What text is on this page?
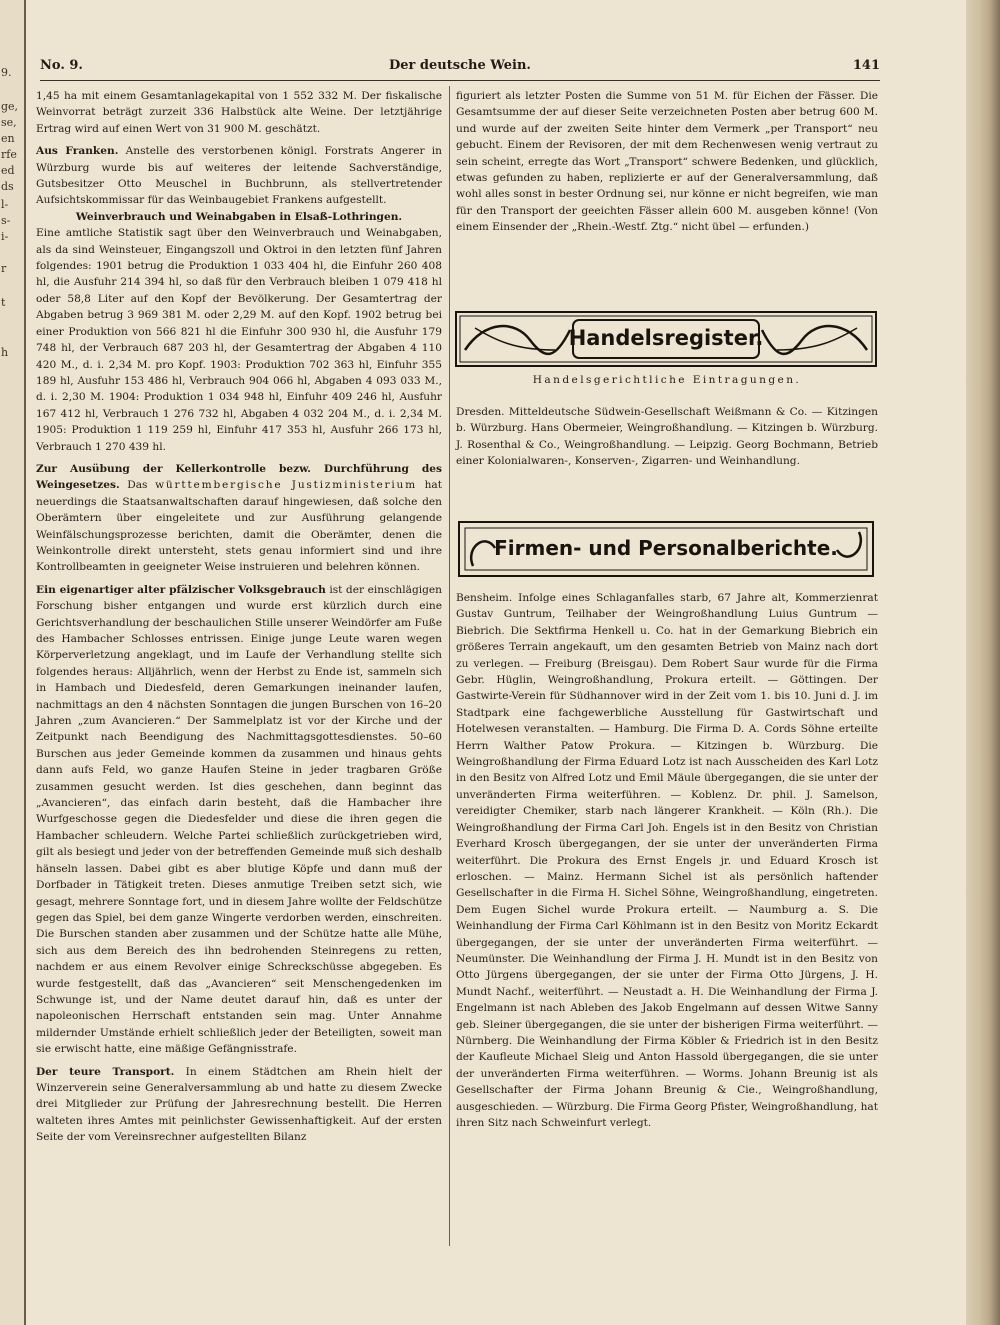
9.
ge,
se,
en
rfe
ed
ds
l-
s-
i-
r
t
h
Der deutsche Wein.
No. 9.	141

1,45 ha mit einem Gesamtanlagekapital von 1 552 332 M. Der fiskalische Weinvorrat beträgt zurzeit 336 Halbstück alte Weine. Der letztjährige Ertrag wird auf einen Wert von 31 900 M. geschätzt.

Aus Franken. Anstelle des verstorbenen königl. Forstrats Angerer in Würzburg wurde bis auf weiteres der leitende Sachverständige, Gutsbesitzer Otto Meuschel in Buchbrunn, als stellvertretender Aufsichtskommissar für das Weinbaugebiet Frankens aufgestellt.

Weinverbrauch und Weinabgaben in Elsaß-Lothringen.

Eine amtliche Statistik sagt über den Weinverbrauch und Weinabgaben, als da sind Weinsteuer, Eingangszoll und Oktroi in den letzten fünf Jahren folgendes: 1901 betrug die Produktion 1 033 404 hl, die Einfuhr 260 408 hl, die Ausfuhr 214 394 hl, so daß für den Verbrauch bleiben 1 079 418 hl oder 58,8 Liter auf den Kopf der Bevölkerung. Der Gesamtertrag der Abgaben betrug 3 969 381 M. oder 2,29 M. auf den Kopf. 1902 betrug bei einer Produktion von 566 821 hl die Einfuhr 300 930 hl, die Ausfuhr 179 748 hl, der Verbrauch 687 203 hl, der Gesamtertrag der Abgaben 4 110 420 M., d. i. 2,34 M. pro Kopf. 1903: Produktion 702 363 hl, Einfuhr 355 189 hl, Ausfuhr 153 486 hl, Verbrauch 904 066 hl, Abgaben 4 093 033 M., d. i. 2,30 M. 1904: Produktion 1 034 948 hl, Einfuhr 409 246 hl, Ausfuhr 167 412 hl, Verbrauch 1 276 732 hl, Abgaben 4 032 204 M., d. i. 2,34 M. 1905: Produktion 1 119 259 hl, Einfuhr 417 353 hl, Ausfuhr 266 173 hl, Verbrauch 1 270 439 hl.

Zur Ausübung der Kellerkontrolle bezw. Durchführung des Weingesetzes. Das württembergische Justizministerium hat neuerdings die Staatsanwaltschaften darauf hingewiesen, daß solche den Oberämtern über eingeleitete und zur Ausführung gelangende Weinfälschungsprozesse berichten, damit die Oberämter, denen die Weinkontrolle direkt untersteht, stets genau informiert sind und ihre Kontrollbeamten in geeigneter Weise instruieren und belehren können.

Ein eigenartiger alter pfälzischer Volksgebrauch ist der einschlägigen Forschung bisher entgangen und wurde erst kürzlich durch eine Gerichtsverhandlung der beschaulichen Stille unserer Weindörfer am Fuße des Hambacher Schlosses entrissen. Einige junge Leute waren wegen Körperverletzung angeklagt, und im Laufe der Verhandlung stellte sich folgendes heraus: Alljährlich, wenn der Herbst zu Ende ist, sammeln sich in Hambach und Diedesfeld, deren Gemarkungen ineinander laufen, nachmittags an den 4 nächsten Sonntagen die jungen Burschen von 16–20 Jahren „zum Avancieren.“ Der Sammelplatz ist vor der Kirche und der Zeitpunkt nach Beendigung des Nachmittagsgottesdienstes. 50–60 Burschen aus jeder Gemeinde kommen da zusammen und hinaus gehts dann aufs Feld, wo ganze Haufen Steine in jeder tragbaren Größe zusammen gesucht werden. Ist dies geschehen, dann beginnt das „Avancieren“, das einfach darin besteht, daß die Hambacher ihre Wurfgeschosse gegen die Diedesfelder und diese die ihren gegen die Hambacher schleudern. Welche Partei schließlich zurückgetrieben wird, gilt als besiegt und jeder von der betreffenden Gemeinde muß sich deshalb hänseln lassen. Dabei gibt es aber blutige Köpfe und dann muß der Dorfbader in Tätigkeit treten. Dieses anmutige Treiben setzt sich, wie gesagt, mehrere Sonntage fort, und in diesem Jahre wollte der Feldschütze gegen das Spiel, bei dem ganze Wingerte verdorben werden, einschreiten. Die Burschen standen aber zusammen und der Schütze hatte alle Mühe, sich aus dem Bereich des ihn bedrohenden Steinregens zu retten, nachdem er aus einem Revolver einige Schreckschüsse abgegeben. Es wurde festgestellt, daß das „Avancieren“ seit Menschengedenken im Schwunge ist, und der Name deutet darauf hin, daß es unter der napoleonischen Herrschaft entstanden sein mag. Unter Annahme mildernder Umstände erhielt schließlich jeder der Beteiligten, soweit man sie erwischt hatte, eine mäßige Gefängnisstrafe.

Der teure Transport. In einem Städtchen am Rhein hielt der Winzerverein seine Generalversammlung ab und hatte zu diesem Zwecke drei Mitglieder zur Prüfung der Jahresrechnung bestellt. Die Herren walteten ihres Amtes mit peinlichster Gewissenhaftigkeit. Auf der ersten Seite der vom Vereinsrechner aufgestellten Bilanz

figuriert als letzter Posten die Summe von 51 M. für Eichen der Fässer. Die Gesamtsumme der auf dieser Seite verzeichneten Posten aber betrug 600 M. und wurde auf der zweiten Seite hinter dem Vermerk „per Transport“ neu gebucht. Einem der Revisoren, der mit dem Rechenwesen wenig vertraut zu sein scheint, erregte das Wort „Transport“ schwere Bedenken, und glücklich, etwas gefunden zu haben, replizierte er auf der Generalversammlung, daß wohl alles sonst in bester Ordnung sei, nur könne er nicht begreifen, wie man für den Transport der geeichten Fässer allein 600 M. ausgeben könne! (Von einem Einsender der „Rhein.-Westf. Ztg.“ nicht übel — erfunden.)

Handelsregister.
Handelsgerichtliche Eintragungen.

Dresden. Mitteldeutsche Südwein-Gesellschaft Weißmann & Co. — Kitzingen b. Würzburg. Hans Obermeier, Weingroßhandlung. — Kitzingen b. Würzburg. J. Rosenthal & Co., Weingroßhandlung. — Leipzig. Georg Bochmann, Betrieb einer Kolonialwaren-, Konserven-, Zigarren- und Weinhandlung.

Firmen- und Personalberichte.

Bensheim. Infolge eines Schlaganfalles starb, 67 Jahre alt, Kommerzienrat Gustav Guntrum, Teilhaber der Weingroßhandlung Luius Guntrum — Biebrich. Die Sektfirma Henkell u. Co. hat in der Gemarkung Biebrich ein größeres Terrain angekauft, um den gesamten Betrieb von Mainz nach dort zu verlegen. — Freiburg (Breisgau). Dem Robert Saur wurde für die Firma Gebr. Hüglin, Weingroßhandlung, Prokura erteilt. — Göttingen. Der Gastwirte-Verein für Südhannover wird in der Zeit vom 1. bis 10. Juni d. J. im Stadtpark eine fachgewerbliche Ausstellung für Gastwirtschaft und Hotelwesen veranstalten. — Hamburg. Die Firma D. A. Cords Söhne erteilte Herrn Walther Patow Prokura. — Kitzingen b. Würzburg. Die Weingroßhandlung der Firma Eduard Lotz ist nach Ausscheiden des Karl Lotz in den Besitz von Alfred Lotz und Emil Mäule übergegangen, die sie unter der unveränderten Firma weiterführen. — Koblenz. Dr. phil. J. Samelson, vereidigter Chemiker, starb nach längerer Krankheit. — Köln (Rh.). Die Weingroßhandlung der Firma Carl Joh. Engels ist in den Besitz von Christian Everhard Krosch übergegangen, der sie unter der unveränderten Firma weiterführt. Die Prokura des Ernst Engels jr. und Eduard Krosch ist erloschen. — Mainz. Hermann Sichel ist als persönlich haftender Gesellschafter in die Firma H. Sichel Söhne, Weingroßhandlung, eingetreten. Dem Eugen Sichel wurde Prokura erteilt. — Naumburg a. S. Die Weinhandlung der Firma Carl Köhlmann ist in den Besitz von Moritz Eckardt übergegangen, der sie unter der unveränderten Firma weiterführt. — Neumünster. Die Weinhandlung der Firma J. H. Mundt ist in den Besitz von Otto Jürgens übergegangen, der sie unter der Firma Otto Jürgens, J. H. Mundt Nachf., weiterführt. — Neustadt a. H. Die Weinhandlung der Firma J. Engelmann ist nach Ableben des Jakob Engelmann auf dessen Witwe Sanny geb. Sleiner übergegangen, die sie unter der bisherigen Firma weiterführt. — Nürnberg. Die Weinhandlung der Firma Köbler & Friedrich ist in den Besitz der Kaufleute Michael Sleig und Anton Hassold übergegangen, die sie unter der unveränderten Firma weiterführen. — Worms. Johann Breunig ist als Gesellschafter der Firma Johann Breunig & Cie., Weingroßhandlung, ausgeschieden. — Würzburg. Die Firma Georg Pfister, Weingroßhandlung, hat ihren Sitz nach Schweinfurt verlegt.
